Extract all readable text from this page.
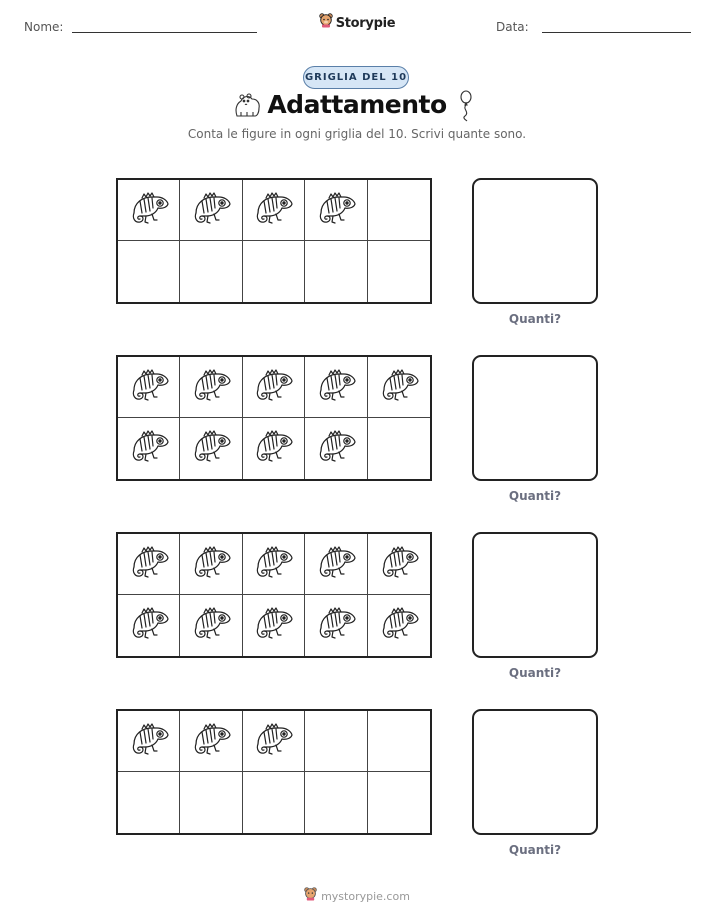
Nome:	Storypie	Data:
GRIGLIA DEL 10
Adattamento
Conta le figure in ogni griglia del 10. Scrivi quante sono.
Quanti?
Quanti?
Quanti?
Quanti?
mystorypie.com
